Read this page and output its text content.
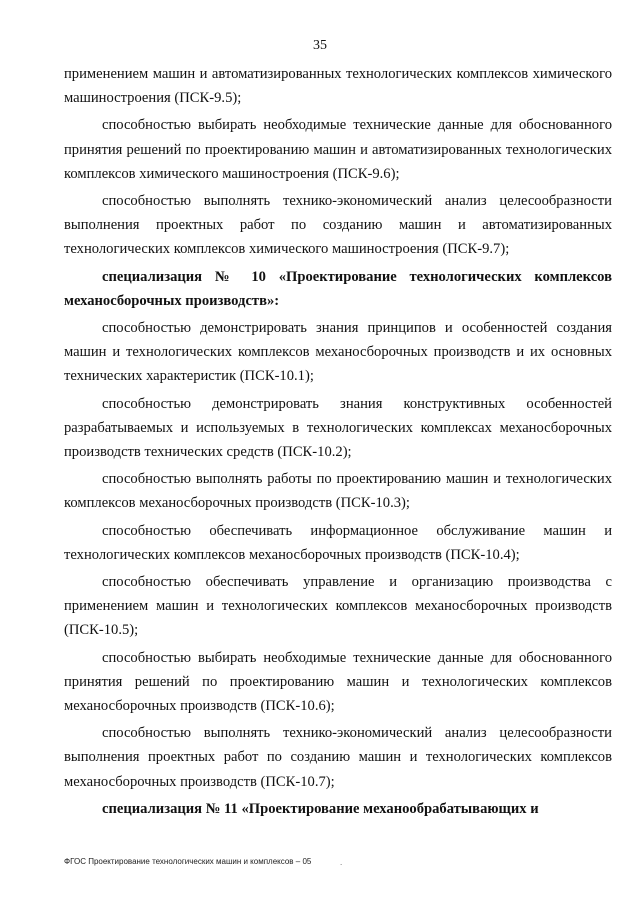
35

применением машин и автоматизированных технологических комплексов химического машиностроения (ПСК-9.5);

способностью выбирать необходимые технические данные для обоснованного принятия решений по проектированию машин и автоматизированных технологических комплексов химического машиностроения (ПСК-9.6);

способностью выполнять технико-экономический анализ целесообразности выполнения проектных работ по созданию машин и автоматизированных технологических комплексов химического машиностроения (ПСК-9.7);

специализация № 10 «Проектирование технологических комплексов механосборочных производств»:

способностью демонстрировать знания принципов и особенностей создания машин и технологических комплексов механосборочных производств и их основных технических характеристик (ПСК-10.1);

способностью демонстрировать знания конструктивных особенностей разрабатываемых и используемых в технологических комплексах механосборочных производств технических средств (ПСК-10.2);

способностью выполнять работы по проектированию машин и технологических комплексов механосборочных производств (ПСК-10.3);

способностью обеспечивать информационное обслуживание машин и технологических комплексов механосборочных производств (ПСК-10.4);

способностью обеспечивать управление и организацию производства с применением машин и технологических комплексов механосборочных производств (ПСК-10.5);

способностью выбирать необходимые технические данные для обоснованного принятия решений по проектированию машин и технологических комплексов механосборочных производств (ПСК-10.6);

способностью выполнять технико-экономический анализ целесообразности выполнения проектных работ по созданию машин и технологических комплексов механосборочных производств (ПСК-10.7);

специализация № 11 «Проектирование механообрабатывающих и

ФГОС Проектирование технологических машин и комплексов – 05	.
